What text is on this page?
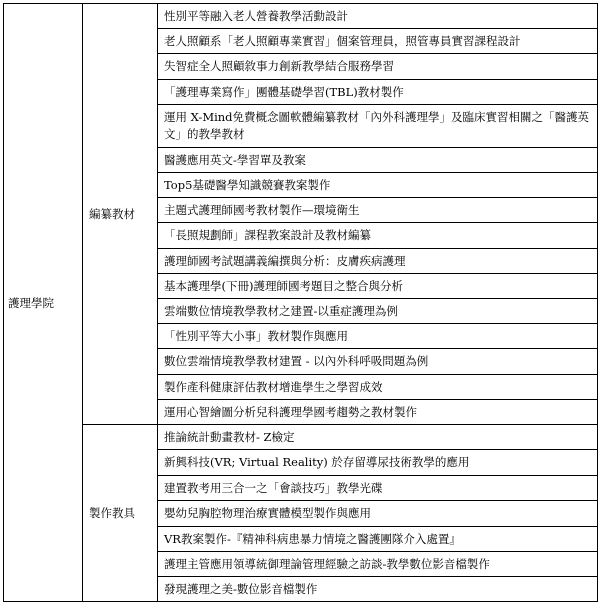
護理學院	編纂教材	性別平等融入老人營養教學活動設計
		老人照顧系「老人照顧專業實習」個案管理員，照管專員實習課程設計
		失智症全人照顧敘事力創新教學結合服務學習
		「護理專業寫作」團體基礎學習(TBL)教材製作
		運用 X-Mind免費概念圖軟體編纂教材「內外科護理學」及臨床實習相關之「醫護英文」的教學教材
		醫護應用英文-學習單及教案
		Top5基礎醫學知識競賽教案製作
		主題式護理師國考教材製作—環境衛生
		「長照規劃師」課程教案設計及教材編纂
		護理師國考試題講義編撰與分析：皮膚疾病護理
		基本護理學(下冊)護理師國考題目之整合與分析
		雲端數位情境教學教材之建置-以重症護理為例
		「性別平等大小事」教材製作與應用
		數位雲端情境教學教材建置 - 以內外科呼吸問題為例
		製作產科健康評估教材增進學生之學習成效
		運用心智繪圖分析兒科護理學國考趨勢之教材製作
	製作教具	推論統計動畫教材- Z檢定
		新興科技(VR; Virtual Reality) 於存留導尿技術教學的應用
		建置教考用三合一之「會談技巧」教學光碟
		嬰幼兒胸腔物理治療實體模型製作與應用
		VR教案製作-『精神科病患暴力情境之醫護團隊介入處置』
		護理主管應用領導統御理論管理經驗之訪談-教學數位影音檔製作
		發現護理之美-數位影音檔製作
